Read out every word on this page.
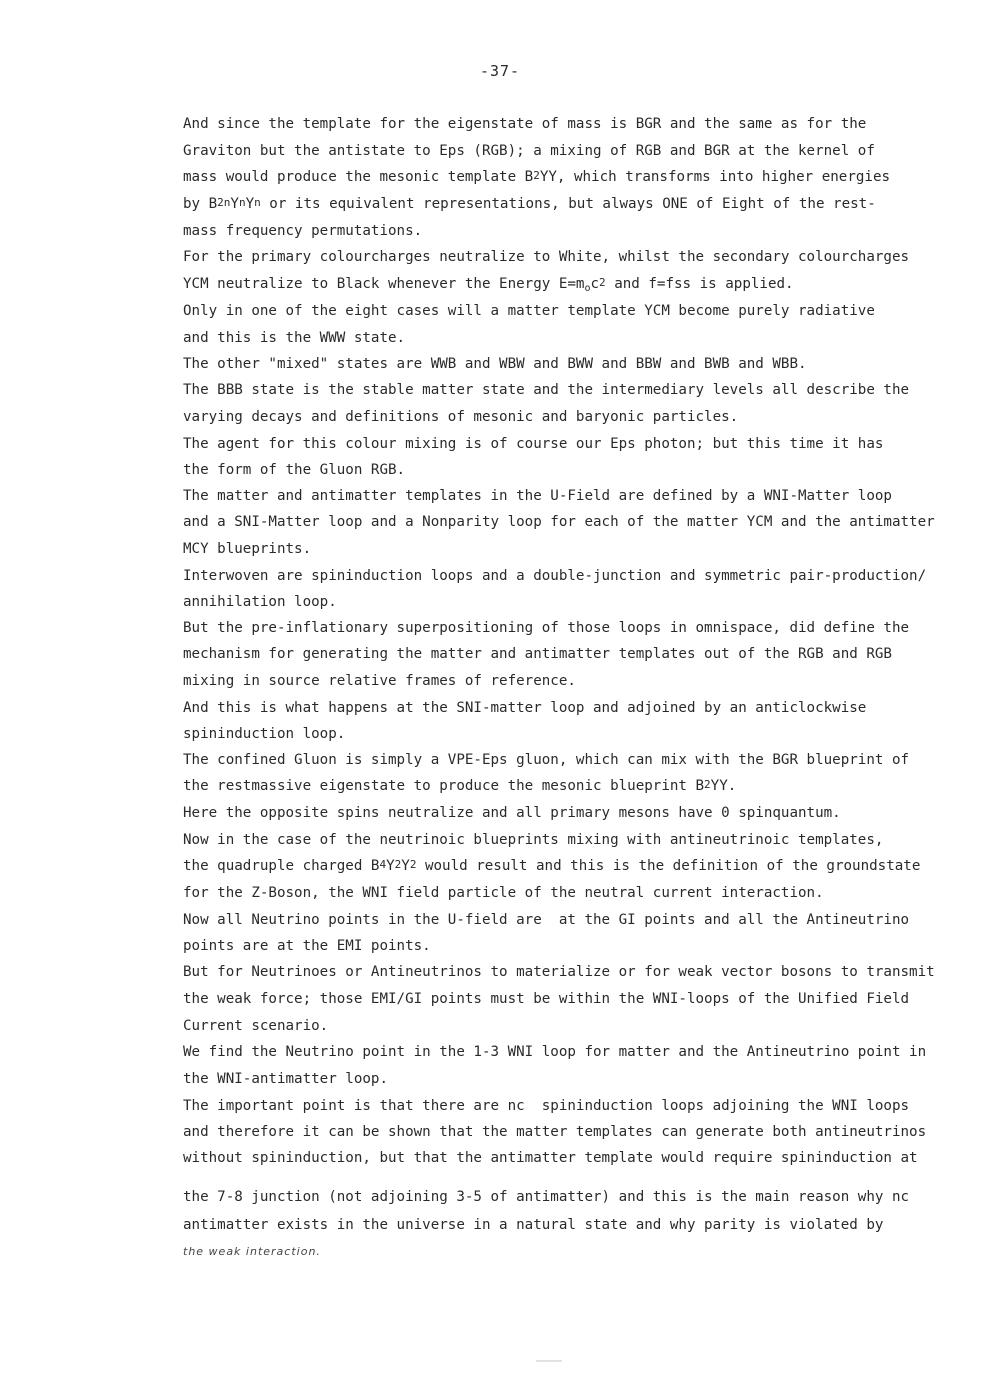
-37-
And since the template for the eigenstate of mass is BGR and the same as for the
Graviton but the antistate to Eps (RGB); a mixing of RGB and BGR at the kernel of
mass would produce the mesonic template $B^2YY$, which transforms into higher energies
by $B^{2n}Y^nY^n$ or its equivalent representations, but always ONE of Eight of the rest-
mass frequency permutations.
For the primary colourcharges neutralize to White, whilst the secondary colourcharges
YCM neutralize to Black whenever the Energy $E=m_oc^2$ and f=fss is applied.
Only in one of the eight cases will a matter template YCM become purely radiative
and this is the WWW state.
The other "mixed" states are WWB and WBW and BWW and BBW and BWB and WBB.
The BBB state is the stable matter state and the intermediary levels all describe the
varying decays and definitions of mesonic and baryonic particles.
The agent for this colour mixing is of course our Eps photon; but this time it has
the form of the Gluon RGB.
The matter and antimatter templates in the U-Field are defined by a WNI-Matter loop
and a SNI-Matter loop and a Nonparity loop for each of the matter YCM and the antimatter
MCY blueprints.
Interwoven are spininduction loops and a double-junction and symmetric pair-production/
annihilation loop.
But the pre-inflationary superpositioning of those loops in omnispace, did define the
mechanism for generating the matter and antimatter templates out of the RGB and RGB
mixing in source relative frames of reference.
And this is what happens at the SNI-matter loop and adjoined by an anticlockwise
spininduction loop.
The confined Gluon is simply a VPE-Eps gluon, which can mix with the BGR blueprint of
the restmassive eigenstate to produce the mesonic blueprint $B^2YY$.
Here the opposite spins neutralize and all primary mesons have 0 spinquantum.
Now in the case of the neutrinoic blueprints mixing with antineutrinoic templates,
the quadruple charged $B^4Y^2Y^2$ would result and this is the definition of the groundstate
for the Z-Boson, the WNI field particle of the neutral current interaction.
Now all Neutrino points in the U-field are  at the GI points and all the Antineutrino
points are at the EMI points.
But for Neutrinoes or Antineutrinos to materialize or for weak vector bosons to transmit
the weak force; those EMI/GI points must be within the WNI-loops of the Unified Field
Current scenario.
We find the Neutrino point in the 1-3 WNI loop for matter and the Antineutrino point in
the WNI-antimatter loop.
The important point is that there are nc  spininduction loops adjoining the WNI loops
and therefore it can be shown that the matter templates can generate both antineutrinos
without spininduction, but that the antimatter template would require spininduction at
the 7-8 junction (not adjoining 3-5 of antimatter) and this is the main reason why nc
antimatter exists in the universe in a natural state and why parity is violated by
the weak interaction.
